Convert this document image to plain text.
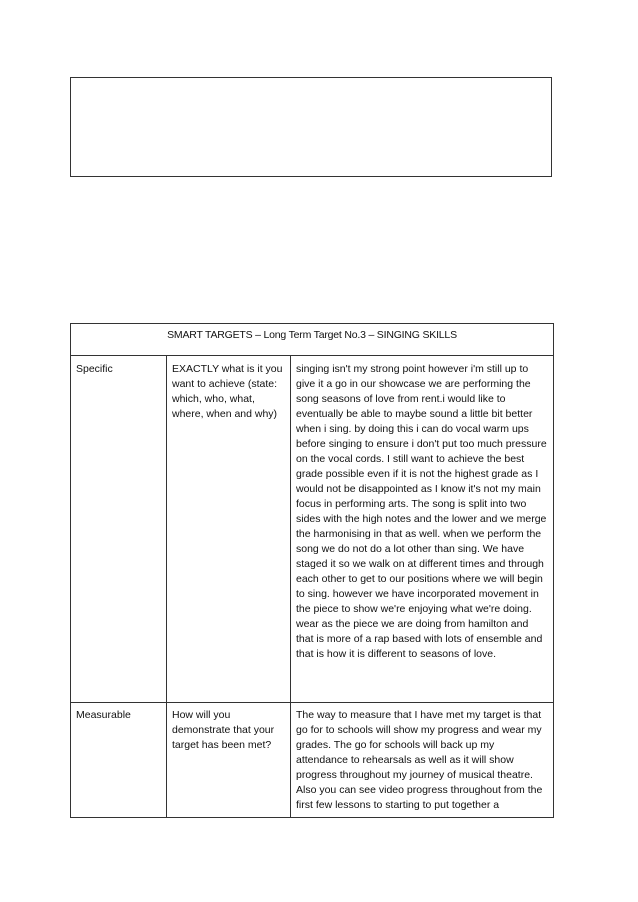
SMART TARGETS – Long Term Target No.3 – SINGING SKILLS		
Specific	EXACTLY what is it you want to achieve (state: which, who, what, where, when and why)	singing isn't my strong point however i'm still up to give it a go in our showcase we are performing the song seasons of love from rent.i would like to eventually be able to maybe sound a little bit better when i sing. by doing this i can do vocal warm ups before singing to ensure i don't put too much pressure on the vocal cords. I still want to achieve the best grade possible even if it is not the highest grade as I would not be disappointed as I know it's not my main focus in performing arts. The song is split into two sides with the high notes and the lower and we merge the harmonising in that as well. when we perform the song we do not do a lot other than sing. We have staged it so we walk on at different times and through each other to get to our positions where we will begin to sing. however we have incorporated movement in the piece to show we're enjoying what we're doing. wear as the piece we are doing from hamilton and that is more of a rap based with lots of ensemble and that is how it is different to seasons of love.
Measurable	How will you demonstrate that your target has been met?	The way to measure that I have met my target is that go for to schools will show my progress and wear my grades. The go for schools will back up my attendance to rehearsals as well as it will show progress throughout my journey of musical theatre. Also you can see video progress throughout from the first few lessons to starting to put together a
